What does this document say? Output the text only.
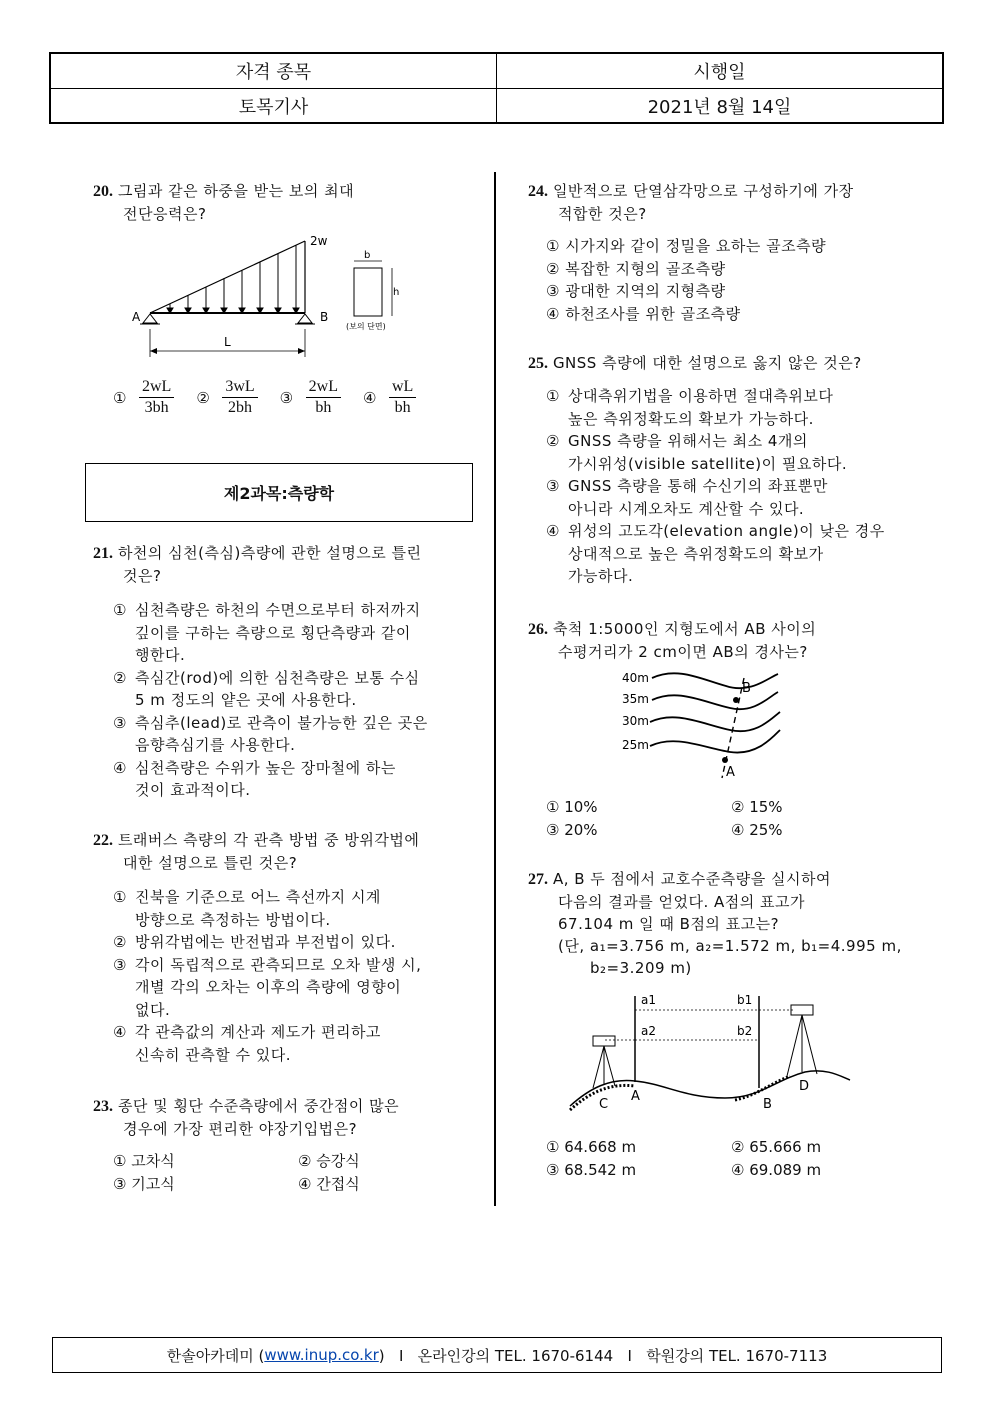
자격 종목	시행일
토목기사	2021년 8월 14일
20. 그림과 같은 하중을 받는 보의 최대
전단응력은?
A	B
2w
L
b
h
(보의 단면)
① $\frac{2wL}{3bh}$ ② $\frac{3wL}{2bh}$ ③ $\frac{2wL}{bh}$ ④ $\frac{wL}{bh}$
제2과목:측량학
21. 하천의 심천(측심)측량에 관한 설명으로 틀린
것은?
① 심천측량은 하천의 수면으로부터 하저까지
깊이를 구하는 측량으로 횡단측량과 같이
행한다.
② 측심간(rod)에 의한 심천측량은 보통 수심
5 m 정도의 얕은 곳에 사용한다.
③ 측심추(lead)로 관측이 불가능한 깊은 곳은
음향측심기를 사용한다.
④ 심천측량은 수위가 높은 장마철에 하는
것이 효과적이다.
22. 트래버스 측량의 각 관측 방법 중 방위각법에
대한 설명으로 틀린 것은?
① 진북을 기준으로 어느 측선까지 시계
방향으로 측정하는 방법이다.
② 방위각법에는 반전법과 부전법이 있다.
③ 각이 독립적으로 관측되므로 오차 발생 시,
개별 각의 오차는 이후의 측량에 영향이
없다.
④ 각 관측값의 계산과 제도가 편리하고
신속히 관측할 수 있다.
23. 종단 및 횡단 수준측량에서 중간점이 많은
경우에 가장 편리한 야장기입법은?
① 고차식	② 승강식
③ 기고식	④ 간접식
24. 일반적으로 단열삼각망으로 구성하기에 가장
적합한 것은?
① 시가지와 같이 정밀을 요하는 골조측량
② 복잡한 지형의 골조측량
③ 광대한 지역의 지형측량
④ 하천조사를 위한 골조측량
25. GNSS 측량에 대한 설명으로 옳지 않은 것은?
① 상대측위기법을 이용하면 절대측위보다
높은 측위정확도의 확보가 가능하다.
② GNSS 측량을 위해서는 최소 4개의
가시위성(visible satellite)이 필요하다.
③ GNSS 측량을 통해 수신기의 좌표뿐만
아니라 시계오차도 계산할 수 있다.
④ 위성의 고도각(elevation angle)이 낮은 경우
상대적으로 높은 측위정확도의 확보가
가능하다.
26. 축척 1:5000인 지형도에서 AB 사이의
수평거리가 2 cm이면 AB의 경사는?
40m
35m
30m
25m
B
A
① 10%	② 15%
③ 20%	④ 25%
27. A, B 두 점에서 교호수준측량을 실시하여
다음의 결과를 얻었다. A점의 표고가
67.104 m 일 때 B점의 표고는?
(단, a₁=3.756 m, a₂=1.572 m, b₁=4.995 m,
b₂=3.209 m)
a1	b1
a2	b2
A
B
C
D
① 64.668 m	② 65.666 m
③ 68.542 m	④ 69.089 m
한솔아카데미 ( www.inup.co.kr )   I   온라인강의 TEL. 1670-6144   I   학원강의 TEL. 1670-7113
